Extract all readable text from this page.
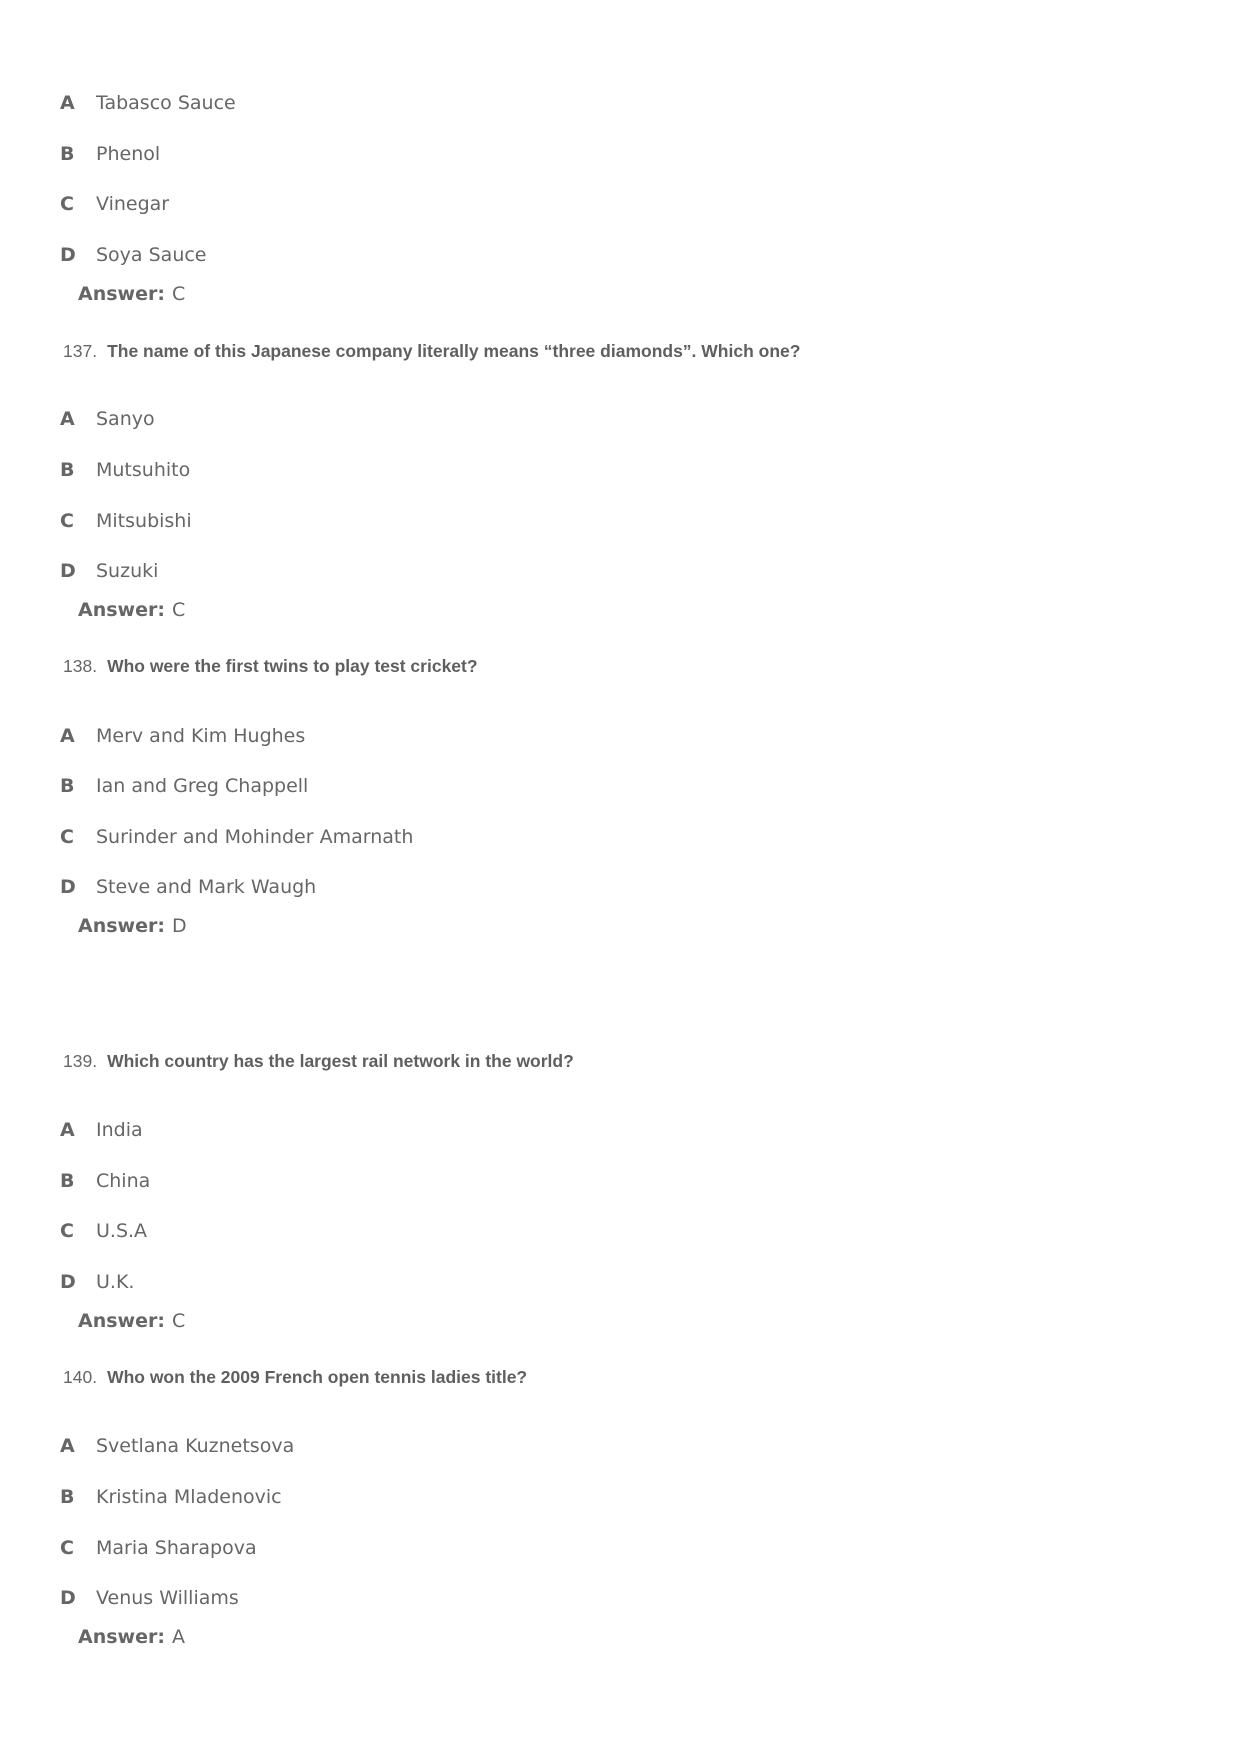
A	Tabasco Sauce
B	Phenol
C	Vinegar
D	Soya Sauce
Answer: C
137. The name of this Japanese company literally means “three diamonds”. Which one?
A	Sanyo
B	Mutsuhito
C	Mitsubishi
D	Suzuki
Answer: C
138. Who were the first twins to play test cricket?
A	Merv and Kim Hughes
B	Ian and Greg Chappell
C	Surinder and Mohinder Amarnath
D	Steve and Mark Waugh
Answer: D
139. Which country has the largest rail network in the world?
A	India
B	China
C	U.S.A
D	U.K.
Answer: C
140. Who won the 2009 French open tennis ladies title?
A	Svetlana Kuznetsova
B	Kristina Mladenovic
C	Maria Sharapova
D	Venus Williams
Answer: A
